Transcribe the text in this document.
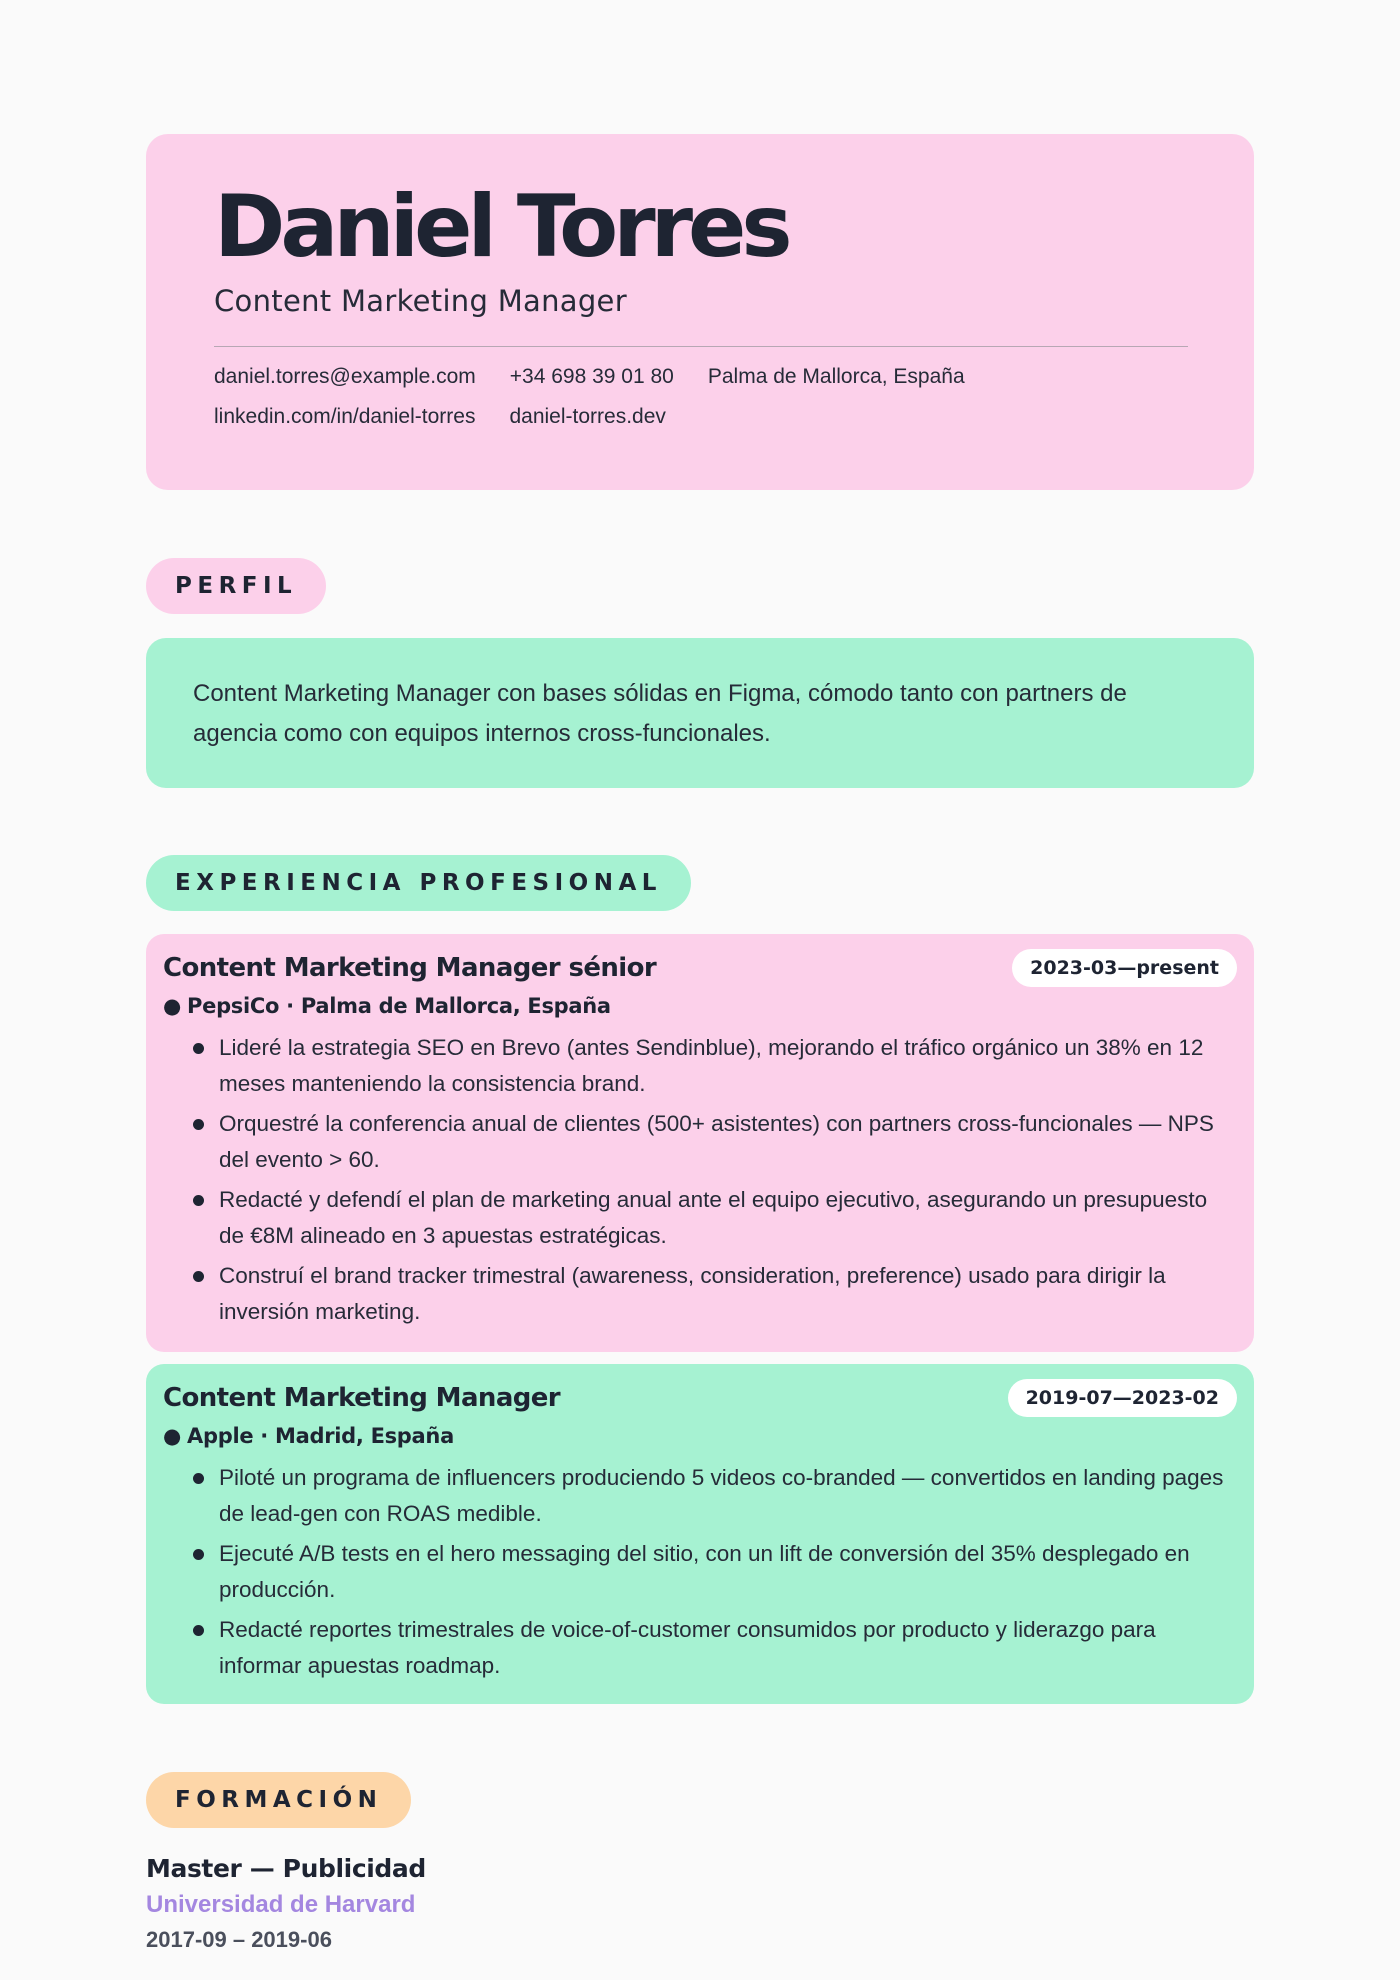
Daniel Torres
Content Marketing Manager
daniel.torres@example.com +34 698 39 01 80 Palma de Mallorca, España
linkedin.com/in/daniel-torres daniel-torres.dev
PERFIL

Content Marketing Manager con bases sólidas en Figma, cómodo tanto con partners de agencia como con equipos internos cross-funcionales.

EXPERIENCIA PROFESIONAL
Content Marketing Manager sénior	2023-03—present
● PepsiCo · Palma de Mallorca, España
Lideré la estrategia SEO en Brevo (antes Sendinblue), mejorando el tráfico orgánico un 38% en 12 meses manteniendo la consistencia brand.
Orquestré la conferencia anual de clientes (500+ asistentes) con partners cross-funcionales — NPS del evento > 60.
Redacté y defendí el plan de marketing anual ante el equipo ejecutivo, asegurando un presupuesto de €8M alineado en 3 apuestas estratégicas.
Construí el brand tracker trimestral (awareness, consideration, preference) usado para dirigir la inversión marketing.
Content Marketing Manager	2019-07—2023-02
● Apple · Madrid, España
Piloté un programa de influencers produciendo 5 videos co-branded — convertidos en landing pages de lead-gen con ROAS medible.
Ejecuté A/B tests en el hero messaging del sitio, con un lift de conversión del 35% desplegado en producción.
Redacté reportes trimestrales de voice-of-customer consumidos por producto y liderazgo para informar apuestas roadmap.
FORMACIÓN
Master — Publicidad
Universidad de Harvard
2017-09 – 2019-06
